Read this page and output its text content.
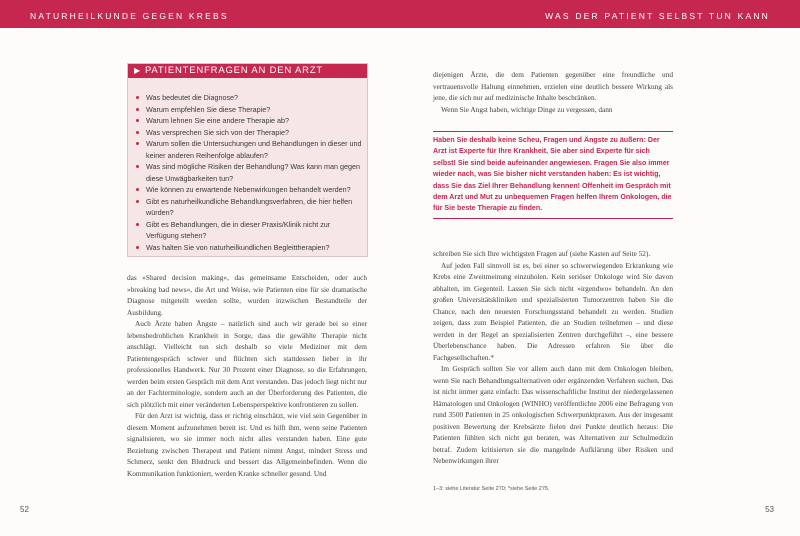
NATURHEILKUNDE GEGEN KREBS
▶ PATIENTENFRAGEN AN DEN ARZT
Was bedeutet die Diagnose?
Warum empfehlen Sie diese Therapie?
Warum lehnen Sie eine andere Therapie ab?
Was versprechen Sie sich von der Therapie?
Warum sollen die Untersuchungen und Behandlungen in dieser und keiner anderen Reihenfolge ablaufen?
Was sind mögliche Risiken der Behandlung? Was kann man gegen diese Unwägbarkeiten tun?
Wie können zu erwartende Nebenwirkungen behandelt werden?
Gibt es naturheilkundliche Behandlungsverfahren, die hier helfen würden?
Gibt es Behandlungen, die in dieser Praxis/Klinik nicht zur Verfügung stehen?
Was halten Sie von naturheilkundlichen Begleittherapien?

das »Shared decision making«, das gemeinsame Entscheiden, oder auch »breaking bad news«, die Art und Weise, wie Patienten eine für sie dramatische Diagnose mitgeteilt werden sollte, wurden inzwischen Bestandteile der Ausbildung.

Auch Ärzte haben Ängste – natürlich sind auch wir gerade bei so einer lebensbedrohlichen Krankheit in Sorge, dass die gewählte Therapie nicht anschlägt. Vielleicht tun sich deshalb so viele Mediziner mit dem Patientengespräch schwer und flüchten sich stattdessen lieber in ihr professionelles Handwerk. Nur 30 Prozent einer Diagnose, so die Erfahrungen, werden beim ersten Gespräch mit dem Arzt verstanden. Das jedoch liegt nicht nur an der Fachterminologie, sondern auch an der Überforderung des Patienten, die sich plötzlich mit einer veränderten Lebensperspektive konfrontieren zu sollen.

Für den Arzt ist wichtig, dass er richtig einschätzt, wie viel sein Gegenüber in diesem Moment aufzunehmen bereit ist. Und es hilft ihm, wenn seine Patienten signalisieren, wo sie immer noch nicht alles verstanden haben. Eine gute Beziehung zwischen Therapeut und Patient nimmt Angst, mindert Stress und Schmerz, senkt den Blutdruck und bessert das Allgemeinbefinden. Wenn die Kommunikation funktioniert, werden Kranke schneller gesund. Und

52
WAS DER PATIENT SELBST TUN KANN
53

diejenigen Ärzte, die dem Patienten gegenüber eine freundliche und vertrauensvolle Haltung einnehmen, erzielen eine deutlich bessere Wirkung als jene, die sich nur auf medizinische Inhalte beschränken.

Wenn Sie Angst haben, wichtige Dinge zu vergessen, dann

Haben Sie deshalb keine Scheu, Fragen und Ängste zu äußern: Der Arzt ist Experte für Ihre Krankheit, Sie aber sind Experte für sich selbst! Sie sind beide aufeinander angewiesen. Fragen Sie also immer wieder nach, was Sie bisher nicht verstanden haben: Es ist wichtig, dass Sie das Ziel Ihrer Behandlung kennen! Offenheit im Gespräch mit dem Arzt und Mut zu unbequemen Fragen helfen Ihrem Onkologen, die für Sie beste Therapie zu finden.

schreiben Sie sich Ihre wichtigsten Fragen auf (siehe Kasten auf Seite 52).

Auf jeden Fall sinnvoll ist es, bei einer so schwerwiegenden Erkrankung wie Krebs eine Zweitmeinung einzuholen. Kein seriöser Onkologe wird Sie davon abhalten, im Gegenteil. Lassen Sie sich nicht »irgendwo« behandeln. An den großen Universitätskliniken und spezialisierten Tumorzentren haben Sie die Chance, nach den neuesten Forschungsstand behandelt zu werden. Studien zeigen, dass zum Beispiel Patienten, die an Studien teilnehmen – und diese werden in der Regel an spezialisierten Zentren durchgeführt –, eine bessere Überlebenschance haben. Die Adressen erfahren Sie über die Fachgesellschaften.*

Im Gespräch sollten Sie vor allem auch dann mit dem Onkologen bleiben, wenn Sie nach Behandlungsalternativen oder ergänzenden Verfahren suchen. Das ist nicht immer ganz einfach: Das wissenschaftliche Institut der niedergelassenen Hämatologen und Onkologen (WINHO) veröffentlichte 2006 eine Befragung von rund 3500 Patienten in 25 onkologischen Schwerpunktpraxen. Aus der insgesamt positiven Bewertung der Krebsärzte fielen drei Punkte deutlich heraus: Die Patienten fühlten sich nicht gut beraten, was Alternativen zur Schulmedizin betraf. Zudem kritisierten sie die mangelnde Aufklärung über Risiken und Nebenwirkungen ihrer

1–3: siehe Literatur Seite 270; *siehe Seite 275.
